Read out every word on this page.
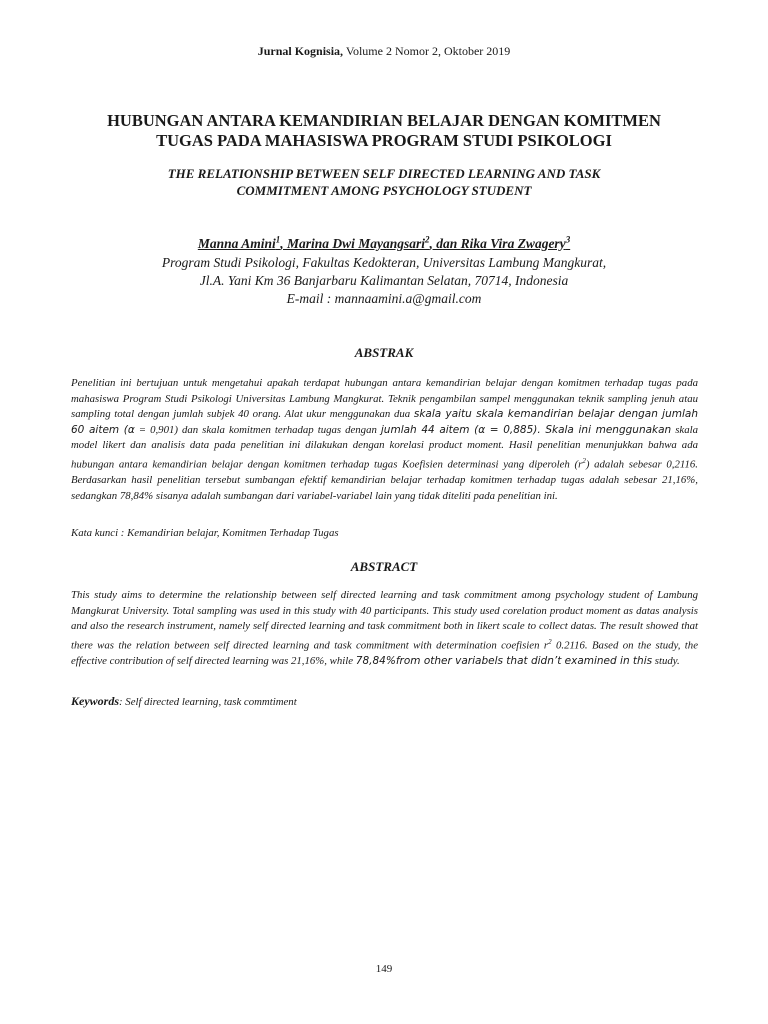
Jurnal Kognisia, Volume 2 Nomor 2, Oktober 2019
HUBUNGAN ANTARA KEMANDIRIAN BELAJAR DENGAN KOMITMEN
TUGAS PADA MAHASISWA PROGRAM STUDI PSIKOLOGI
THE RELATIONSHIP BETWEEN SELF DIRECTED LEARNING AND TASK
COMMITMENT AMONG PSYCHOLOGY STUDENT
Manna Amini$^1$, Marina Dwi Mayangsari$^2$, dan Rika Vira Zwagery$^3$
Program Studi Psikologi, Fakultas Kedokteran, Universitas Lambung Mangkurat,
Jl.A. Yani Km 36 Banjarbaru Kalimantan Selatan, 70714, Indonesia
E-mail : mannaamini.a@gmail.com
ABSTRAK
Penelitian ini bertujuan untuk mengetahui apakah terdapat hubungan antara kemandirian belajar dengan komitmen terhadap tugas pada mahasiswa Program Studi Psikologi Universitas Lambung Mangkurat. Teknik pengambilan sampel menggunakan teknik sampling jenuh atau sampling total dengan jumlah subjek 40 orang. Alat ukur menggunakan dua skala yaitu skala kemandirian belajar dengan jumlah 60 aitem (α = 0,901) dan skala komitmen terhadap tugas dengan jumlah 44 aitem (α = 0,885). Skala ini menggunakan skala model likert dan analisis data pada penelitian ini dilakukan dengan korelasi product moment. Hasil penelitian menunjukkan bahwa ada hubungan antara kemandirian belajar dengan komitmen terhadap tugas Koefisien determinasi yang diperoleh $(r^2)$ adalah sebesar 0,2116. Berdasarkan hasil penelitian tersebut sumbangan efektif kemandirian belajar terhadap komitmen terhadap tugas adalah sebesar 21,16%, sedangkan 78,84% sisanya adalah sumbangan dari variabel-variabel lain yang tidak diteliti pada penelitian ini.
Kata kunci : Kemandirian belajar, Komitmen Terhadap Tugas
ABSTRACT
This study aims to determine the relationship between self directed learning and task commitment among psychology student of Lambung Mangkurat University. Total sampling was used in this study with 40 participants. This study used corelation product moment as datas analysis and also the research instrument, namely self directed learning and task commitment both in likert scale to collect datas. The result showed that there was the relation between self directed learning and task commitment with determination coefisien $r^2$ 0.2116. Based on the study, the effective contribution of self directed learning was 21,16%, while 78,84%from other variabels that didn’t examined in this study.
Keywords: Self directed learning, task commtiment
149
